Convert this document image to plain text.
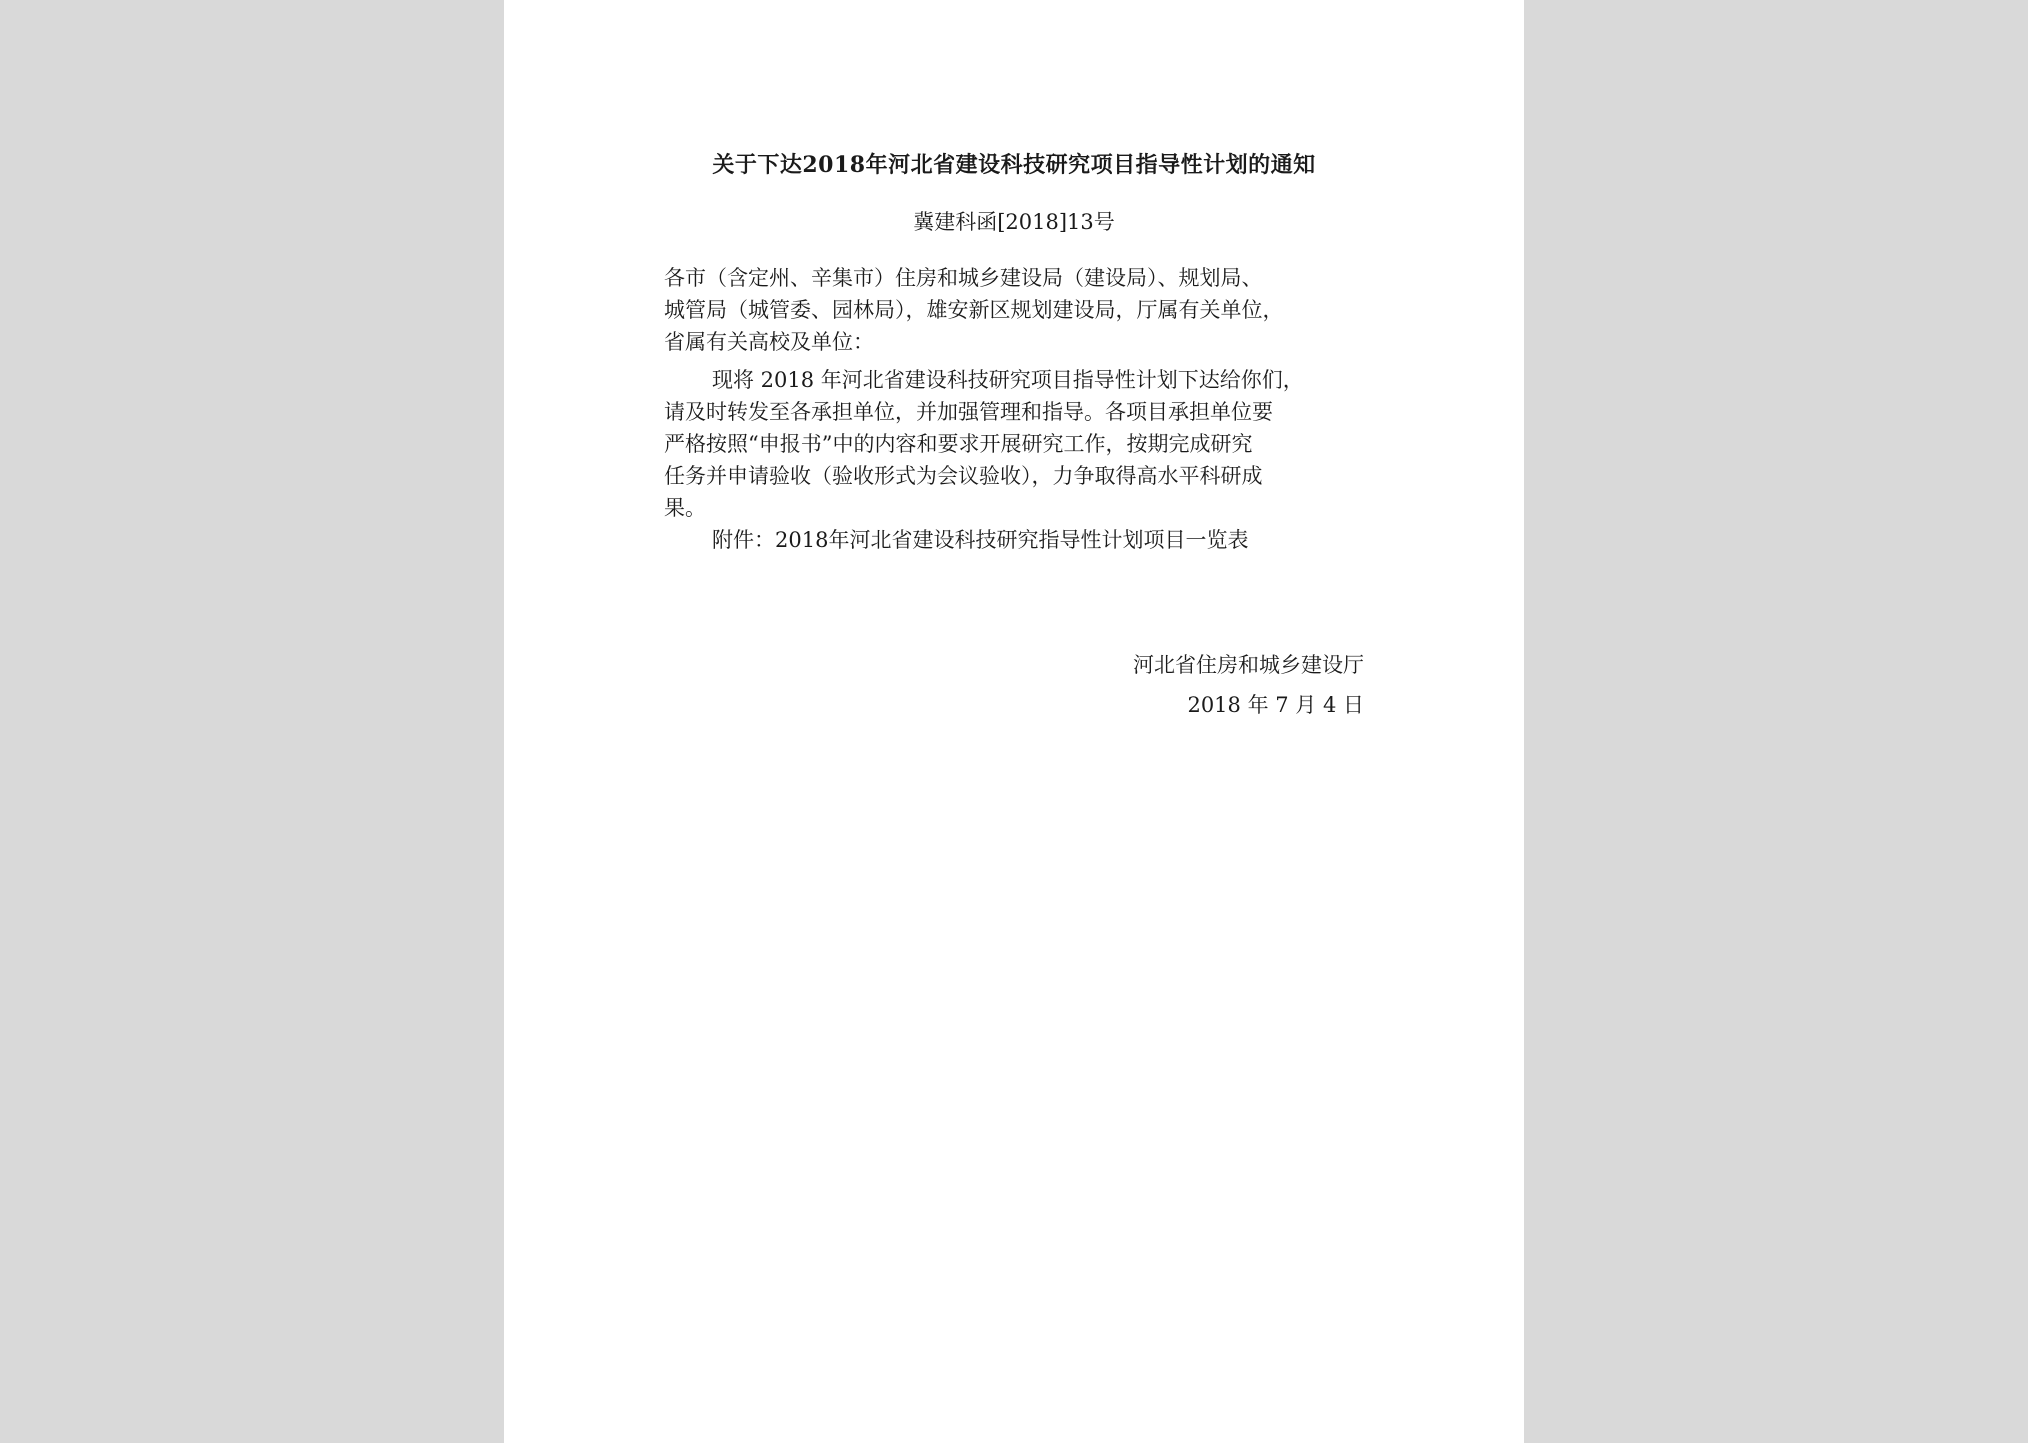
关于下达2018年河北省建设科技研究项目指导性计划的通知
冀建科函[2018]13号

各市（含定州、辛集市）住房和城乡建设局（建设局）、规划局、

城管局（城管委、园林局），雄安新区规划建设局，厅属有关单位，

省属有关高校及单位：

现将 2018 年河北省建设科技研究项目指导性计划下达给你们，

请及时转发至各承担单位，并加强管理和指导。各项目承担单位要

严格按照“申报书”中的内容和要求开展研究工作，按期完成研究

任务并申请验收（验收形式为会议验收），力争取得高水平科研成

果。

附件：2018年河北省建设科技研究指导性计划项目一览表

河北省住房和城乡建设厅
2018 年 7 月 4 日
